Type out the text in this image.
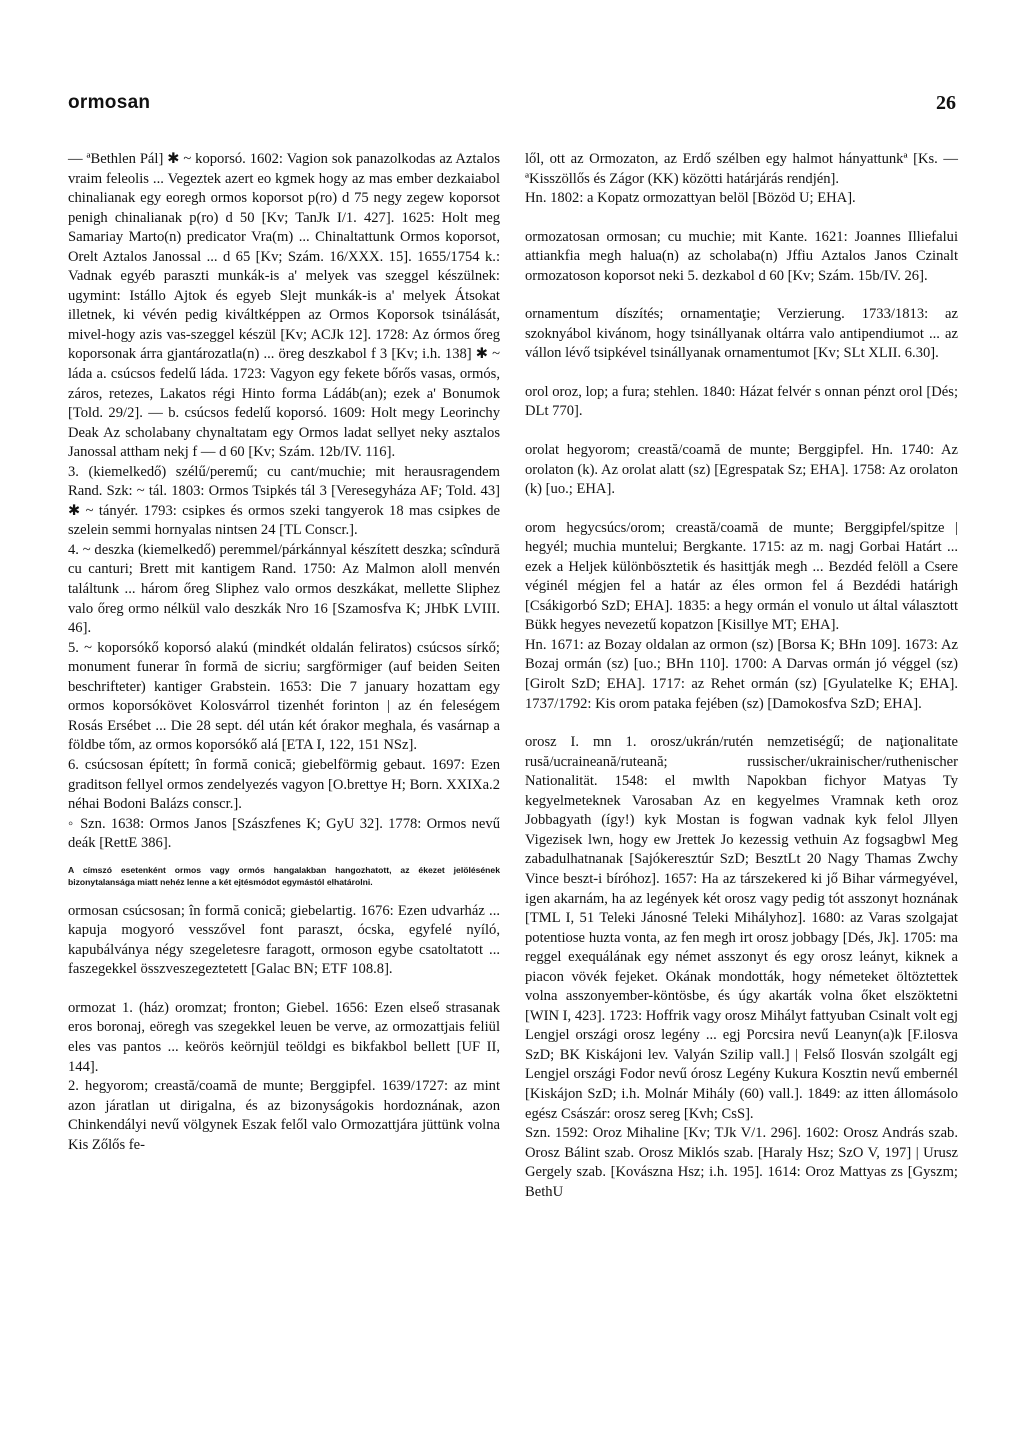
ormosan	26

— ªBethlen Pál] ✱ ~ koporsó. 1602: Vagion sok panazolkodas az Aztalos vraim feleolis ... Vegeztek azert eo kgmek hogy az mas ember dezkaiabol chinalianak egy eoregh ormos koporsot p(ro) d 75 negy zegew koporsot penigh chinalianak p(ro) d 50 [Kv; TanJk I/1. 427]. 1625: Holt meg Samariay Marto(n) predicator Vra(m) ... Chinaltattunk Ormos koporsot, Orelt Aztalos Janossal ... d 65 [Kv; Szám. 16/XXX. 15]. 1655/1754 k.: Vadnak egyéb paraszti munkák-is a' melyek vas szeggel készülnek: ugymint: Istállo Ajtok és egyeb Slejt munkák-is a' melyek Átsokat illetnek, ki vévén pedig kiváltképpen az Ormos Koporsok tsinálását, mivel-hogy azis vas-szeggel készül [Kv; ACJk 12]. 1728: Az órmos őreg koporsonak árra gjantározatla(n) ... öreg deszkabol f 3 [Kv; i.h. 138] ✱ ~ láda a. csúcsos fedelű láda. 1723: Vagyon egy fekete bőrős vasas, ormós, záros, retezes, Lakatos régi Hinto forma Ládáb(an); ezek a' Bonumok [Told. 29/2]. — b. csúcsos fedelű koporsó. 1609: Holt megy Leorinchy Deak Az scholabany chynaltatam egy Ormos ladat sellyet neky asztalos Janossal attham nekj f — d 60 [Kv; Szám. 12b/IV. 116].

3. (kiemelkedő) szélű/peremű; cu cant/muchie; mit herausragendem Rand. Szk: ~ tál. 1803: Ormos Tsipkés tál 3 [Veresegyháza AF; Told. 43] ✱ ~ tányér. 1793: csipkes és ormos szeki tangyerok 18 mas csipkes de szelein semmi hornyalas nintsen 24 [TL Conscr.].

4. ~ deszka (kiemelkedő) peremmel/párkánnyal készített deszka; scîndură cu canturi; Brett mit kantigem Rand. 1750: Az Malmon aloll menvén találtunk ... három őreg Sliphez valo ormos deszkákat, mellette Sliphez valo őreg ormo nélkül valo deszkák Nro 16 [Szamosfva K; JHbK LVIII. 46].

5. ~ koporsókő koporsó alakú (mindkét oldalán feliratos) csúcsos sírkő; monument funerar în formă de sicriu; sargförmiger (auf beiden Seiten beschrifteter) kantiger Grabstein. 1653: Die 7 january hozattam egy ormos koporsókövet Kolosvárrol tizenhét forinton | az én feleségem Rosás Ersébet ... Die 28 sept. dél után két órakor meghala, és vasárnap a földbe tőm, az ormos koporsókő alá [ETA I, 122, 151 NSz].

6. csúcsosan épített; în formă conică; giebelförmig gebaut. 1697: Ezen graditson fellyel ormos zendelyezés vagyon [O.brettye H; Born. XXIXa.2 néhai Bodoni Balázs conscr.].

◦ Szn. 1638: Ormos Janos [Szászfenes K; GyU 32]. 1778: Ormos nevű deák [RettE 386].

A címszó esetenként ormos vagy ormós hangalakban hangozhatott, az ékezet jelölésének bizonytalansága miatt nehéz lenne a két ejtésmódot egymástól elhatárolni.

ormosan csúcsosan; în formă conică; giebelartig. 1676: Ezen udvarház ... kapuja mogyoró vesszővel font paraszt, ócska, egyfelé nyíló, kapubálványa négy szegeletesre faragott, ormoson egybe csatoltatott ... faszegekkel összveszegeztetett [Galac BN; ETF 108.8].

ormozat 1. (ház) oromzat; fronton; Giebel. 1656: Ezen elseő strasanak eros boronaj, eöregh vas szegekkel leuen be verve, az ormozattjais feliül eles vas pantos ... keörös keörnjül teöldgi es bikfakbol bellett [UF II, 144].

2. hegyorom; creastă/coamă de munte; Berggipfel. 1639/1727: az mint azon járatlan ut dirigalna, és az bizonyságokis hordoznának, azon Chinkendályi nevű völgynek Eszak felől valo Ormozattjára jüttünk volna Kis Zőlős fe-

lől, ott az Ormozaton, az Erdő szélben egy halmot hányattunkª [Ks. — ªKisszöllős és Zágor (KK) közötti határjárás rendjén].

Hn. 1802: a Kopatz ormozattyan belöl [Bözöd U; EHA].

ormozatosan ormosan; cu muchie; mit Kante. 1621: Joannes Illiefalui attiankfia megh halua(n) az scholaba(n) Jffiu Aztalos Janos Czinalt ormozatoson koporsot neki 5. dezkabol d 60 [Kv; Szám. 15b/IV. 26].

ornamentum díszítés; ornamentaţie; Verzierung. 1733/1813: az szoknyábol kivánom, hogy tsinállyanak oltárra valo antipendiumot ... az vállon lévő tsipkével tsinállyanak ornamentumot [Kv; SLt XLII. 6.30].

orol oroz, lop; a fura; stehlen. 1840: Házat felvér s onnan pénzt orol [Dés; DLt 770].

orolat hegyorom; creastă/coamă de munte; Berggipfel. Hn. 1740: Az orolaton (k). Az orolat alatt (sz) [Egrespatak Sz; EHA]. 1758: Az orolaton (k) [uo.; EHA].

orom hegycsúcs/orom; creastă/coamă de munte; Berggipfel/spitze | hegyél; muchia muntelui; Bergkante. 1715: az m. nagj Gorbai Határt ... ezek a Heljek különbösztetik és hasittják megh ... Bezdéd felöll a Csere véginél mégjen fel a határ az éles ormon fel á Bezdédi határigh [Csákigorbó SzD; EHA]. 1835: a hegy ormán el vonulo ut által választott Bükk hegyes nevezetű kopatzon [Kisillye MT; EHA].

Hn. 1671: az Bozay oldalan az ormon (sz) [Borsa K; BHn 109]. 1673: Az Bozaj ormán (sz) [uo.; BHn 110]. 1700: A Darvas ormán jó véggel (sz) [Girolt SzD; EHA]. 1717: az Rehet ormán (sz) [Gyulatelke K; EHA]. 1737/1792: Kis orom pataka fejében (sz) [Damokosfva SzD; EHA].

orosz I. mn 1. orosz/ukrán/rutén nemzetiségű; de naţionalitate rusă/ucraineană/ruteană; russischer/ukrainischer/ruthenischer Nationalität. 1548: el mwlth Napokban fichyor Matyas Ty kegyelmeteknek Varosaban Az en kegyelmes Vramnak keth oroz Jobbagyath (így!) kyk Mostan is fogwan vadnak kyk felol Jllyen Vigezisek lwn, hogy ew Jrettek Jo kezessig vethuin Az fogsagbwl Meg zabadulhatnanak [Sajókeresztúr SzD; BesztLt 20 Nagy Thamas Zwchy Vince beszt-i bíróhoz]. 1657: Ha az társzekered ki jő Bihar vármegyével, igen akarnám, ha az legények két orosz vagy pedig tót asszonyt hoznának [TML I, 51 Teleki Jánosné Teleki Mihályhoz]. 1680: az Varas szolgajat potentiose huzta vonta, az fen megh irt orosz jobbagy [Dés, Jk]. 1705: ma reggel exequálának egy német asszonyt és egy orosz leányt, kiknek a piacon vövék fejeket. Okának mondották, hogy németeket öltöztettek volna asszonyember-köntösbe, és úgy akarták volna őket elszöktetni [WIN I, 423]. 1723: Hoffrik vagy orosz Mihályt fattyuban Csinalt volt egj Lengjel országi orosz legény ... egj Porcsira nevű Leanyn(a)k [F.ilosva SzD; BK Kiskájoni lev. Valyán Szilip vall.] | Felső Ilosván szolgált egj Lengjel országi Fodor nevű órosz Legény Kukura Kosztin nevű embernél [Kiskájon SzD; i.h. Molnár Mihály (60) vall.]. 1849: az itten állomásolo egész Császár: orosz sereg [Kvh; CsS].

Szn. 1592: Oroz Mihaline [Kv; TJk V/1. 296]. 1602: Orosz András szab. Orosz Bálint szab. Orosz Miklós szab. [Haraly Hsz; SzO V, 197] | Urusz Gergely szab. [Kovászna Hsz; i.h. 195]. 1614: Oroz Mattyas zs [Gyszm; BethU
